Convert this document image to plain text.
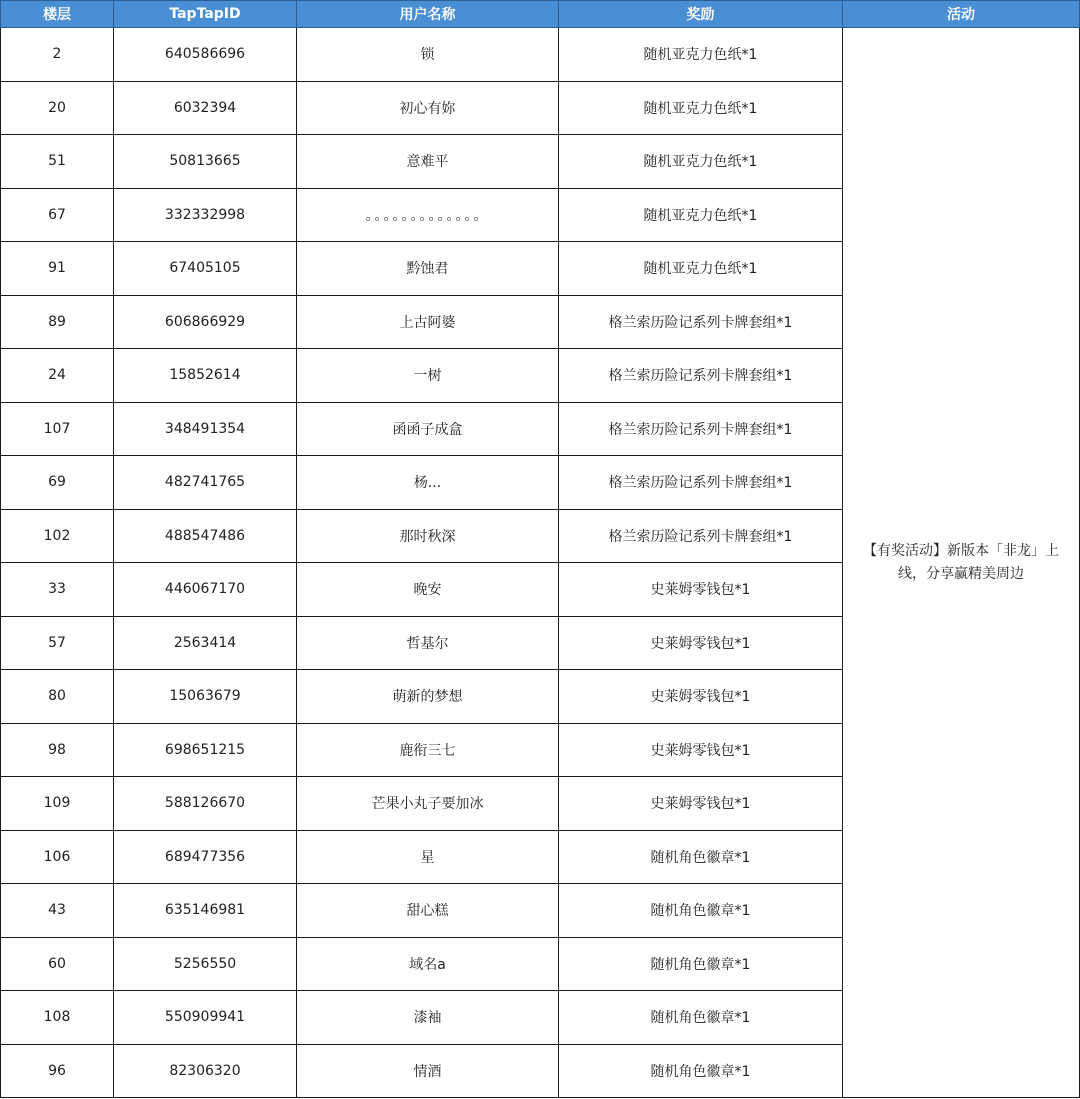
楼层	TapTapID	用户名称	奖励	活动
2	640586696	锁	随机亚克力色纸*1	【有奖活动】新版本「非龙」上线，分享赢精美周边
20	6032394	初心有妳	随机亚克力色纸*1	
51	50813665	意难平	随机亚克力色纸*1	
67	332332998	。。。。。。。。。。。。。	随机亚克力色纸*1	
91	67405105	黔蚀君	随机亚克力色纸*1	
89	606866929	上古阿婆	格兰索历险记系列卡牌套组*1	
24	15852614	一树	格兰索历险记系列卡牌套组*1	
107	348491354	函函子成盒	格兰索历险记系列卡牌套组*1	
69	482741765	杨...	格兰索历险记系列卡牌套组*1	
102	488547486	那时秋深	格兰索历险记系列卡牌套组*1	
33	446067170	晚安	史莱姆零钱包*1	
57	2563414	哲基尔	史莱姆零钱包*1	
80	15063679	萌新的梦想	史莱姆零钱包*1	
98	698651215	鹿衔三七	史莱姆零钱包*1	
109	588126670	芒果小丸子要加冰	史莱姆零钱包*1	
106	689477356	星	随机角色徽章*1	
43	635146981	甜心糕	随机角色徽章*1	
60	5256550	域名a	随机角色徽章*1	
108	550909941	漆袖	随机角色徽章*1	
96	82306320	情酒	随机角色徽章*1	
